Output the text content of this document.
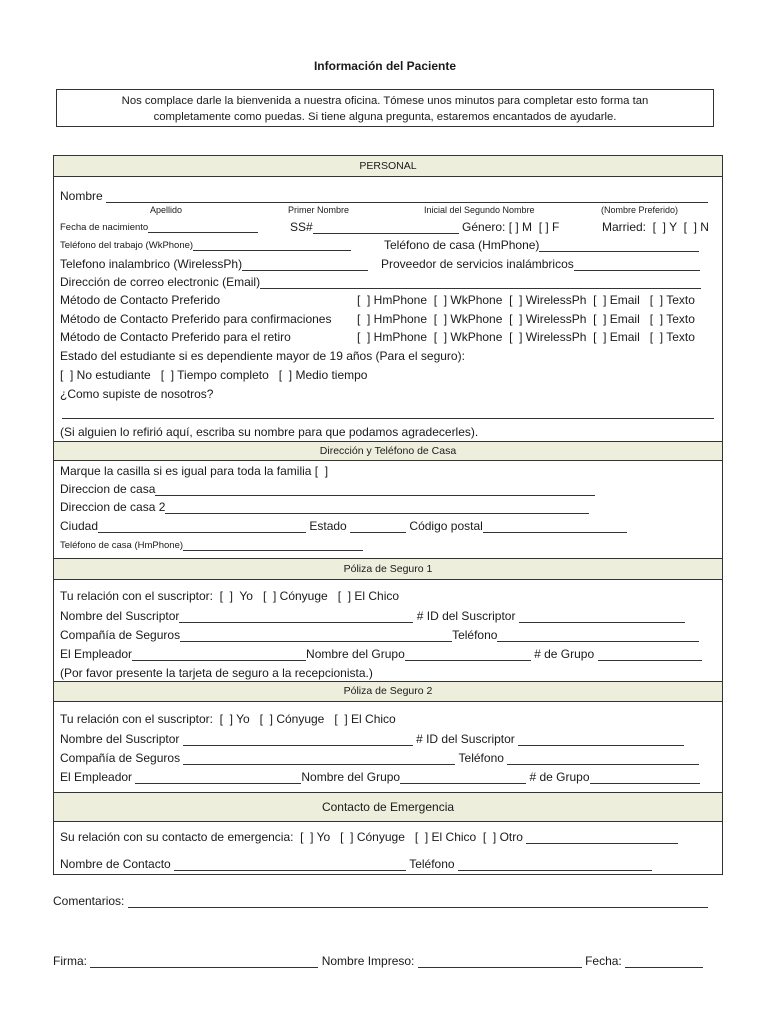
Información del Paciente
Nos complace darle la bienvenida a nuestra oficina. Tómese unos minutos para completar esto forma tan
completamente como puedas. Si tiene alguna pregunta, estaremos encantados de ayudarle.
PERSONAL
Nombre
Apellido	Primer Nombre	Inicial del Segundo Nombre	(Nombre Preferido)
Fecha de nacimiento	SS#	Género: [ ] M  [ ] F	Married:  [  ] Y  [  ] N
Teléfono del trabajo (WkPhone)	Teléfono de casa (HmPhone)
Telefono inalambrico (WirelessPh)	Proveedor de servicios inalámbricos
Dirección de correo electronic (Email)
Método de Contacto Preferido	[  ] HmPhone  [  ] WkPhone  [  ] WirelessPh  [  ] Email   [  ] Texto
Método de Contacto Preferido para confirmaciones [  ] HmPhone  [  ] WkPhone  [  ] WirelessPh  [  ] Email   [  ] Texto
Método de Contacto Preferido para el retiro	[  ] HmPhone  [  ] WkPhone  [  ] WirelessPh  [  ] Email   [  ] Texto
Estado del estudiante si es dependiente mayor de 19 años (Para el seguro):
[  ] No estudiante   [  ] Tiempo completo   [  ] Medio tiempo
¿Como supiste de nosotros?
(Si alguien lo refirió aquí, escriba su nombre para que podamos agradecerles).
Dirección y Teléfono de Casa
Marque la casilla si es igual para toda la familia [  ]
Direccion de casa
Direccion de casa 2
Ciudad	Estado	Código postal
Teléfono de casa (HmPhone)
Póliza de Seguro 1
Tu relación con el suscriptor:  [  ]  Yo   [  ] Cónyuge   [  ] El Chico
Nombre del Suscriptor	# ID del Suscriptor
Compañía de Seguros	Teléfono
El Empleador	Nombre del Grupo	# de Grupo
(Por favor presente la tarjeta de seguro a la recepcionista.)
Póliza de Seguro 2
Tu relación con el suscriptor:  [  ] Yo   [  ] Cónyuge   [  ] El Chico
Nombre del Suscriptor	# ID del Suscriptor
Compañía de Seguros	Teléfono
El Empleador	Nombre del Grupo	# de Grupo
Contacto de Emergencia
Su relación con su contacto de emergencia:  [  ] Yo   [  ] Cónyuge   [  ] El Chico  [  ] Otro
Nombre de Contacto	Teléfono
Comentarios:
Firma:	Nombre Impreso:	Fecha:
